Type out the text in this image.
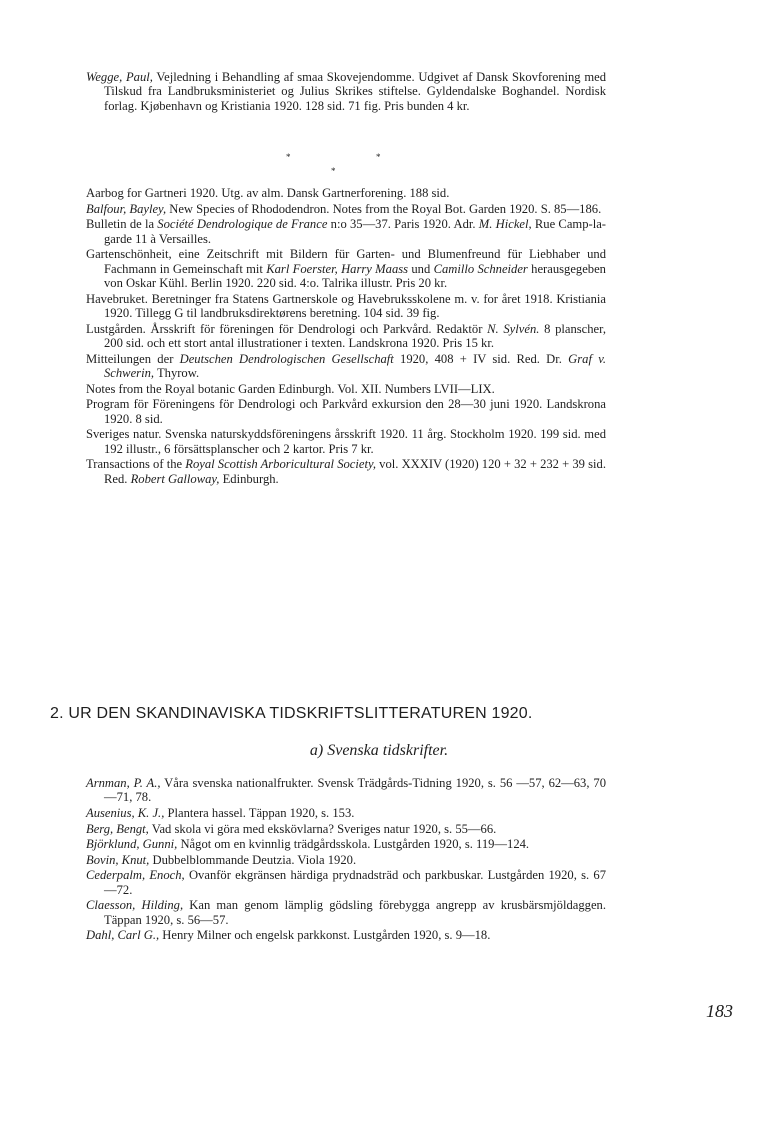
Wegge, Paul, Vejledning i Behandling af smaa Skovejendomme. Udgivet af Dansk Skovforening med Tilskud fra Landbruksministeriet og Julius Skrikes stiftelse. Gyldendalske Boghandel. Nordisk forlag. Kjøbenhavn og Kristiania 1920. 128 sid. 71 fig. Pris bunden 4 kr.

*	*
*

Aarbog for Gartneri 1920. Utg. av alm. Dansk Gartnerforening. 188 sid.

Balfour, Bayley, New Species of Rhododendron. Notes from the Royal Bot. Garden 1920. S. 85—186.

Bulletin de la Société Dendrologique de France n:o 35—37. Paris 1920. Adr. M. Hickel, Rue Camp-la-garde 11 à Versailles.

Gartenschönheit, eine Zeitschrift mit Bildern für Garten- und Blumenfreund für Liebhaber und Fachmann in Gemeinschaft mit Karl Foerster, Harry Maass und Camillo Schneider herausgegeben von Oskar Kühl. Berlin 1920. 220 sid. 4:o. Talrika illustr. Pris 20 kr.

Havebruket. Beretninger fra Statens Gartnerskole og Havebruksskolene m. v. for året 1918. Kristiania 1920. Tillegg G til landbruksdirektørens beretning. 104 sid. 39 fig.

Lustgården. Årsskrift för föreningen för Dendrologi och Parkvård. Redaktör N. Sylvén. 8 planscher, 200 sid. och ett stort antal illustrationer i texten. Landskrona 1920. Pris 15 kr.

Mitteilungen der Deutschen Dendrologischen Gesellschaft 1920, 408 + IV sid. Red. Dr. Graf v. Schwerin, Thyrow.

Notes from the Royal botanic Garden Edinburgh. Vol. XII. Numbers LVII—LIX.

Program för Föreningens för Dendrologi och Parkvård exkursion den 28—30 juni 1920. Landskrona 1920. 8 sid.

Sveriges natur. Svenska naturskyddsföreningens årsskrift 1920. 11 årg. Stockholm 1920. 199 sid. med 192 illustr., 6 försättsplanscher och 2 kartor. Pris 7 kr.

Transactions of the Royal Scottish Arboricultural Society, vol. XXXIV (1920) 120 + 32 + 232 + 39 sid. Red. Robert Galloway, Edinburgh.

2. UR DEN SKANDINAVISKA TIDSKRIFTSLITTERATUREN 1920.
a) Svenska tidskrifter.

Arnman, P. A., Våra svenska nationalfrukter. Svensk Trädgårds-Tidning 1920, s. 56 —57, 62—63, 70—71, 78.

Ausenius, K. J., Plantera hassel. Täppan 1920, s. 153.

Berg, Bengt, Vad skola vi göra med ekskövlarna? Sveriges natur 1920, s. 55—66.

Björklund, Gunni, Något om en kvinnlig trädgårdsskola. Lustgården 1920, s. 119—124.

Bovin, Knut, Dubbelblommande Deutzia. Viola 1920.

Cederpalm, Enoch, Ovanför ekgränsen härdiga prydnadsträd och parkbuskar. Lustgården 1920, s. 67—72.

Claesson, Hilding, Kan man genom lämplig gödsling förebygga angrepp av krusbärsmjöldaggen. Täppan 1920, s. 56—57.

Dahl, Carl G., Henry Milner och engelsk parkkonst. Lustgården 1920, s. 9—18.

183
